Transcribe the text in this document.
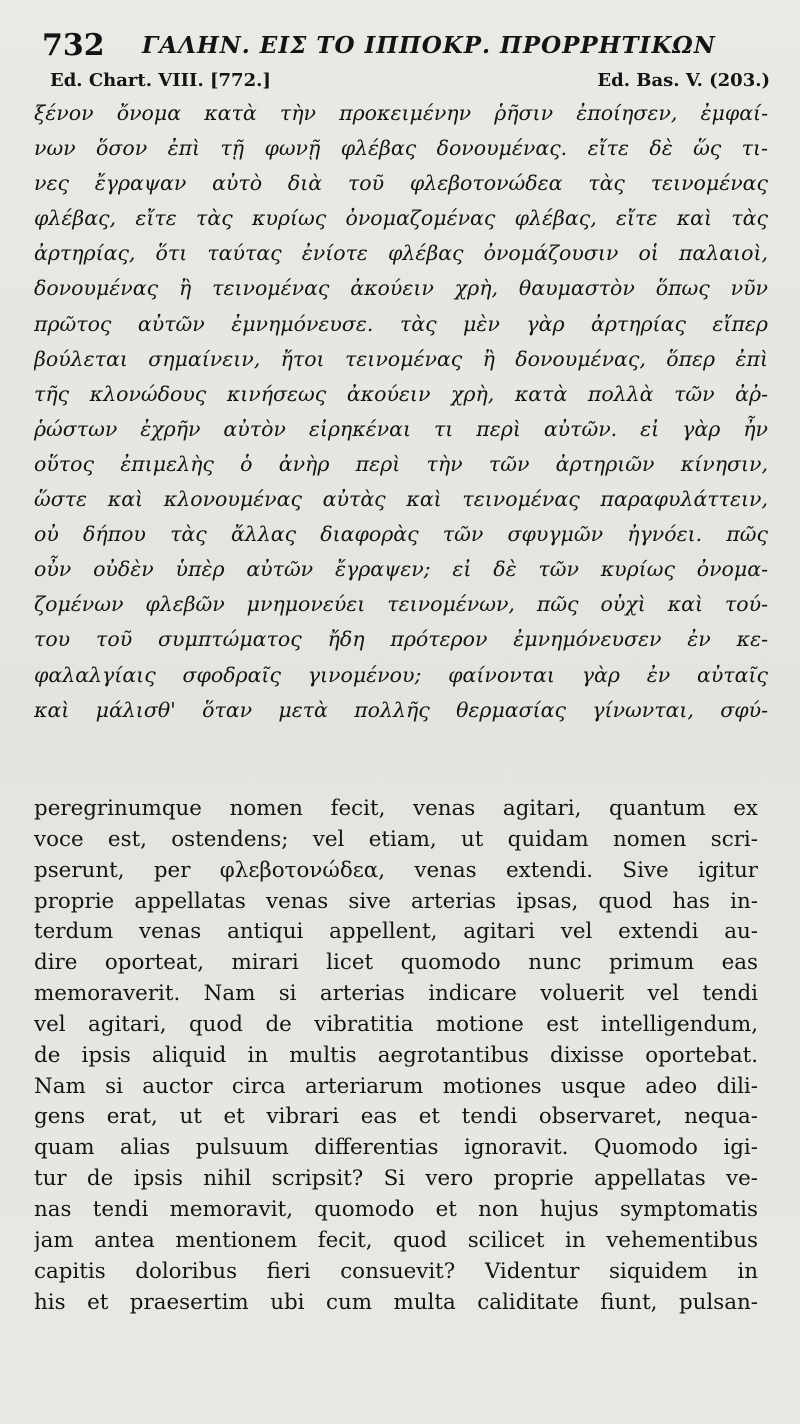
732 ΓΑΛΗΝ. ΕΙΣ ΤΟ ΙΠΠΟΚΡ. ΠΡΟΡΡΗΤΙΚΩΝ
Ed. Chart. VIII. [772.]	Ed. Bas. V. (203.)
ξένον ὄνομα κατὰ τὴν προκειμένην ῥῆσιν ἐποίησεν, ἐμφαί-
νων ὅσον ἐπὶ τῇ φωνῇ φλέβας δονουμένας. εἴτε δὲ ὥς τι-
νες ἔγραψαν αὐτὸ διὰ τοῦ φλεβοτονώδεα τὰς τεινομένας
φλέβας, εἴτε τὰς κυρίως ὀνομαζομένας φλέβας, εἴτε καὶ τὰς
ἀρτηρίας, ὅτι ταύτας ἐνίοτε φλέβας ὀνομάζουσιν οἱ παλαιοὶ,
δονουμένας ἢ τεινομένας ἀκούειν χρὴ, θαυμαστὸν ὅπως νῦν
πρῶτος αὐτῶν ἐμνημόνευσε. τὰς μὲν γὰρ ἀρτηρίας εἴπερ
βούλεται σημαίνειν, ἤτοι τεινομένας ἢ δονουμένας, ὅπερ ἐπὶ
τῆς κλονώδους κινήσεως ἀκούειν χρὴ, κατὰ πολλὰ τῶν ἀῤ-
ῥώστων ἐχρῆν αὐτὸν εἰρηκέναι τι περὶ αὐτῶν. εἰ γὰρ ἦν
οὕτος ἐπιμελὴς ὁ ἀνὴρ περὶ τὴν τῶν ἀρτηριῶν κίνησιν,
ὥστε καὶ κλονουμένας αὐτὰς καὶ τεινομένας παραφυλάττειν,
οὐ δήπου τὰς ἄλλας διαφορὰς τῶν σφυγμῶν ἠγνόει. πῶς
οὖν οὐδὲν ὑπὲρ αὐτῶν ἔγραψεν; εἰ δὲ τῶν κυρίως ὀνομα-
ζομένων φλεβῶν μνημονεύει τεινομένων, πῶς οὐχὶ καὶ τού-
του τοῦ συμπτώματος ἤδη πρότερον ἐμνημόνευσεν ἐν κε-
φαλαλγίαις σφοδραῖς γινομένου; φαίνονται γὰρ ἐν αὐταῖς
καὶ μάλισθ' ὅταν μετὰ πολλῆς θερμασίας γίνωνται, σφύ-
peregrinumque nomen fecit, venas agitari, quantum ex
voce est, ostendens; vel etiam, ut quidam nomen scri-
pserunt, per φλεβοτονώδεα, venas extendi. Sive igitur
proprie appellatas venas sive arterias ipsas, quod has in-
terdum venas antiqui appellent, agitari vel extendi au-
dire oporteat, mirari licet quomodo nunc primum eas
memoraverit. Nam si arterias indicare voluerit vel tendi
vel agitari, quod de vibratitia motione est intelligendum,
de ipsis aliquid in multis aegrotantibus dixisse oportebat.
Nam si auctor circa arteriarum motiones usque adeo dili-
gens erat, ut et vibrari eas et tendi observaret, nequa-
quam alias pulsuum differentias ignoravit. Quomodo igi-
tur de ipsis nihil scripsit? Si vero proprie appellatas ve-
nas tendi memoravit, quomodo et non hujus symptomatis
jam antea mentionem fecit, quod scilicet in vehementibus
capitis doloribus fieri consuevit? Videntur siquidem in
his et praesertim ubi cum multa caliditate fiunt, pulsan-
